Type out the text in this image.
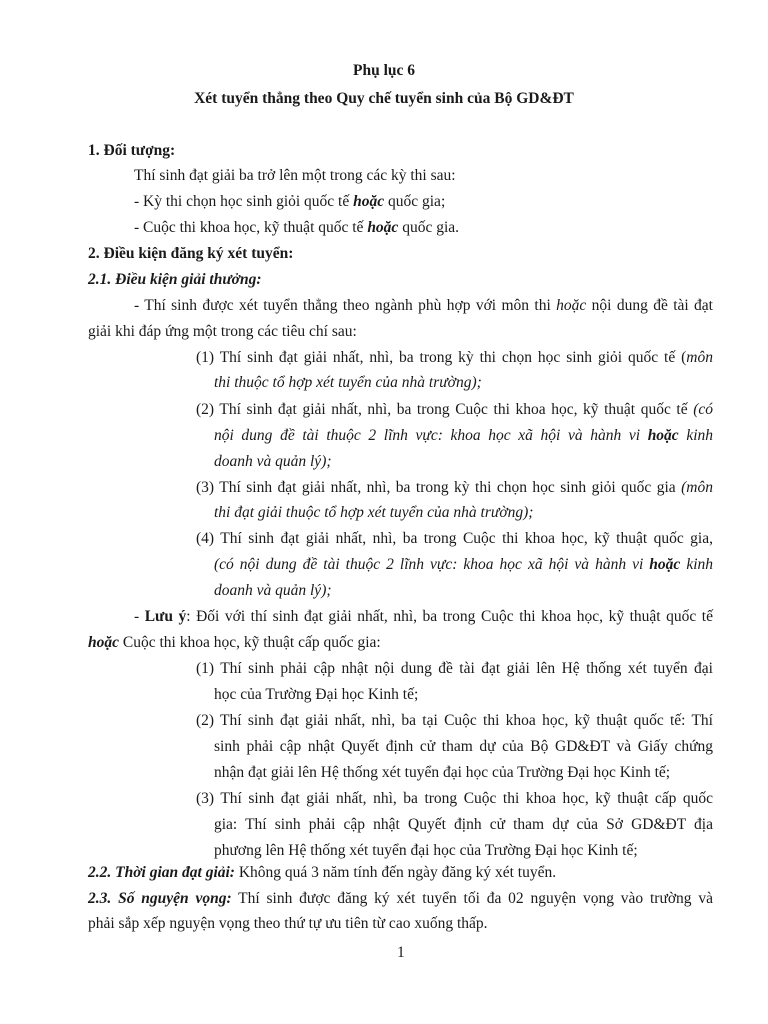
Phụ lục 6
Xét tuyển thẳng theo Quy chế tuyển sinh của Bộ GD&ĐT
1. Đối tượng:
Thí sinh đạt giải ba trở lên một trong các kỳ thi sau:
- Kỳ thi chọn học sinh giỏi quốc tế hoặc quốc gia;
- Cuộc thi khoa học, kỹ thuật quốc tế hoặc quốc gia.
2. Điều kiện đăng ký xét tuyển:
2.1. Điều kiện giải thưởng:
- Thí sinh được xét tuyển thẳng theo ngành phù hợp với môn thi hoặc nội dung đề tài đạt
giải khi đáp ứng một trong các tiêu chí sau:
(1) Thí sinh đạt giải nhất, nhì, ba trong kỳ thi chọn học sinh giỏi quốc tế (môn
thi thuộc tổ hợp xét tuyển của nhà trường);
(2) Thí sinh đạt giải nhất, nhì, ba trong Cuộc thi khoa học, kỹ thuật quốc tế (có
nội dung đề tài thuộc 2 lĩnh vực: khoa học xã hội và hành vi hoặc kinh
doanh và quản lý);
(3) Thí sinh đạt giải nhất, nhì, ba trong kỳ thi chọn học sinh giỏi quốc gia (môn
thi đạt giải thuộc tổ hợp xét tuyển của nhà trường);
(4) Thí sinh đạt giải nhất, nhì, ba trong Cuộc thi khoa học, kỹ thuật quốc gia,
(có nội dung đề tài thuộc 2 lĩnh vực: khoa học xã hội và hành vi hoặc kinh
doanh và quản lý);
- Lưu ý: Đối với thí sinh đạt giải nhất, nhì, ba trong Cuộc thi khoa học, kỹ thuật quốc tế
hoặc Cuộc thi khoa học, kỹ thuật cấp quốc gia:
(1) Thí sinh phải cập nhật nội dung đề tài đạt giải lên Hệ thống xét tuyển đại
học của Trường Đại học Kinh tế;
(2) Thí sinh đạt giải nhất, nhì, ba tại Cuộc thi khoa học, kỹ thuật quốc tế: Thí
sinh phải cập nhật Quyết định cử tham dự của Bộ GD&ĐT và Giấy chứng
nhận đạt giải lên Hệ thống xét tuyển đại học của Trường Đại học Kinh tế;
(3) Thí sinh đạt giải nhất, nhì, ba trong Cuộc thi khoa học, kỹ thuật cấp quốc
gia: Thí sinh phải cập nhật Quyết định cử tham dự của Sở GD&ĐT địa
phương lên Hệ thống xét tuyển đại học của Trường Đại học Kinh tế;
2.2. Thời gian đạt giải: Không quá 3 năm tính đến ngày đăng ký xét tuyển.
2.3. Số nguyện vọng: Thí sinh được đăng ký xét tuyển tối đa 02 nguyện vọng vào trường và
phải sắp xếp nguyện vọng theo thứ tự ưu tiên từ cao xuống thấp.
1
